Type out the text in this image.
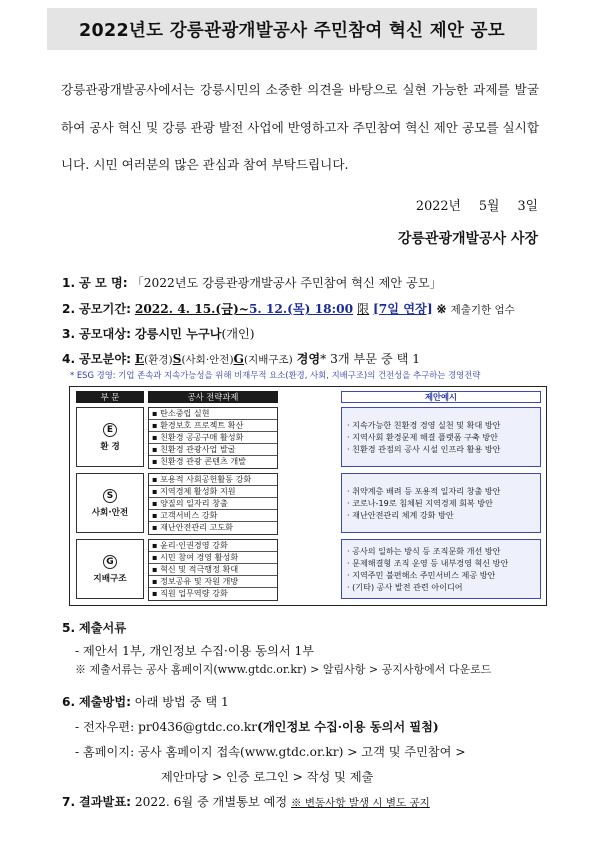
2022년도 강릉관광개발공사 주민참여 혁신 제안 공모

강릉관광개발공사에서는 강릉시민의 소중한 의견을 바탕으로 실현 가능한 과제를 발굴하여 공사 혁신 및 강릉 관광 발전 사업에 반영하고자 주민참여 혁신 제안 공모를 실시합니다. 시민 여러분의 많은 관심과 참여 부탁드립니다.

2022년 5월 3일
강릉관광개발공사 사장
1. 공 모 명: 「2022년도 강릉관광개발공사 주민참여 혁신 제안 공모」
2. 공모기간: 2022. 4. 15.(금)~5. 12.(목) 18:00 限 [7일 연장] ※ 제출기한 엄수
3. 공모대상: 강릉시민 누구나(개인)
4. 공모분야: E(환경)S(사회·안전)G(지배구조) 경영* 3개 부문 중 택 1
* ESG 경영: 기업 존속과 지속가능성을 위해 비재무적 요소(환경, 사회, 지배구조)의 건전성을 추구하는 경영전략
부 문	공사 전략과제	제안예시
E
환 경
▪ 탄소중립 실현
▪ 환경보호 프로젝트 확산
▪ 친환경 공공구매 활성화
▪ 친환경 관광사업 발굴
▪ 친환경 관광 콘텐츠 개발
· 지속가능한 친환경 경영 실천 및 확대 방안
· 지역사회 환경문제 해결 플랫폼 구축 방안
· 친환경 관점의 공사 시설 인프라 활용 방안
S
사회·안전
▪ 포용적 사회공헌활동 강화
▪ 지역경제 활성화 지원
▪ 양질의 일자리 창출
▪ 고객서비스 강화
▪ 재난안전관리 고도화
· 취약계층 배려 등 포용적 일자리 창출 방안
· 코로나-19로 침체된 지역경제 회복 방안
· 재난안전관리 체계 강화 방안
G
지배구조
▪ 윤리·인권경영 강화
▪ 시민 참여 경영 활성화
▪ 혁신 및 적극행정 확대
▪ 정보공유 및 자원 개방
▪ 직원 업무역량 강화
· 공사의 일하는 방식 등 조직문화 개선 방안
· 문제해결형 조직 운영 등 내부경영 혁신 방안
· 지역주민 불편해소 주민서비스 제공 방안
· (기타) 공사 발전 관련 아이디어
5. 제출서류
- 제안서 1부, 개인정보 수집·이용 동의서 1부
※ 제출서류는 공사 홈페이지(www.gtdc.or.kr) > 알림사항 > 공지사항에서 다운로드
6. 제출방법: 아래 방법 중 택 1
- 전자우편: pr0436@gtdc.co.kr(개인정보 수집·이용 동의서 필첨)
- 홈페이지: 공사 홈페이지 접속(www.gtdc.or.kr) > 고객 및 주민참여 >
제안마당 > 인증 로그인 > 작성 및 제출
7. 결과발표: 2022. 6월 중 개별통보 예정 ※ 변동사항 발생 시 별도 공지
